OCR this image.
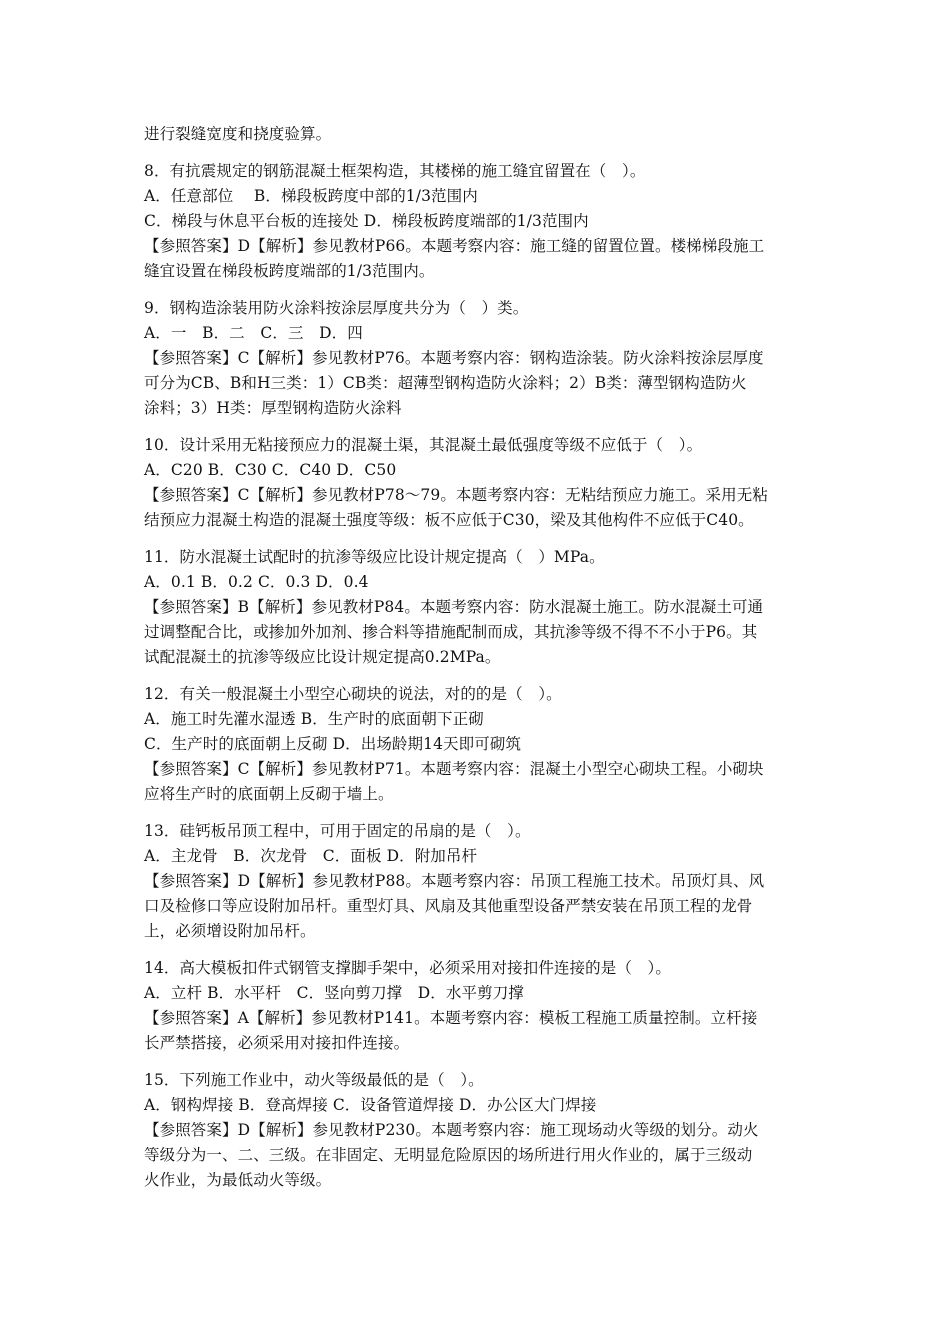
进行裂缝宽度和挠度验算。
8．有抗震规定的钢筋混凝土框架构造，其楼梯的施工缝宜留置在（　）。
A．任意部位　 B．梯段板跨度中部的1/3范围内
C．梯段与休息平台板的连接处 D．梯段板跨度端部的1/3范围内
【参照答案】D【解析】参见教材P66。本题考察内容：施工缝的留置位置。楼梯梯段施工
缝宜设置在梯段板跨度端部的1/3范围内。
9．钢构造涂装用防火涂料按涂层厚度共分为（　）类。
A．一　B．二　C．三　D．四
【参照答案】C【解析】参见教材P76。本题考察内容：钢构造涂装。防火涂料按涂层厚度
可分为CB、B和H三类：1）CB类：超薄型钢构造防火涂料；2）B类：薄型钢构造防火
涂料；3）H类：厚型钢构造防火涂料
10．设计采用无粘接预应力的混凝土渠，其混凝土最低强度等级不应低于（　）。
A．C20 B．C30 C．C40 D．C50
【参照答案】C【解析】参见教材P78～79。本题考察内容：无粘结预应力施工。采用无粘
结预应力混凝土构造的混凝土强度等级：板不应低于C30，梁及其他构件不应低于C40。
11．防水混凝土试配时的抗渗等级应比设计规定提高（　）MPa。
A．0.1 B．0.2 C．0.3 D．0.4
【参照答案】B【解析】参见教材P84。本题考察内容：防水混凝土施工。防水混凝土可通
过调整配合比，或掺加外加剂、掺合料等措施配制而成，其抗渗等级不得不不小于P6。其
试配混凝土的抗渗等级应比设计规定提高0.2MPa。
12．有关一般混凝土小型空心砌块的说法，对的的是（　）。
A．施工时先灌水湿透 B．生产时的底面朝下正砌
C．生产时的底面朝上反砌 D．出场龄期14天即可砌筑
【参照答案】C【解析】参见教材P71。本题考察内容：混凝土小型空心砌块工程。小砌块
应将生产时的底面朝上反砌于墙上。
13．硅钙板吊顶工程中，可用于固定的吊扇的是（　）。
A．主龙骨　B．次龙骨　C．面板 D．附加吊杆
【参照答案】D【解析】参见教材P88。本题考察内容：吊顶工程施工技术。吊顶灯具、风
口及检修口等应设附加吊杆。重型灯具、风扇及其他重型设备严禁安装在吊顶工程的龙骨
上，必须增设附加吊杆。
14．高大模板扣件式钢管支撑脚手架中，必须采用对接扣件连接的是（　）。
A．立杆 B．水平杆　C．竖向剪刀撑　D．水平剪刀撑
【参照答案】A【解析】参见教材P141。本题考察内容：模板工程施工质量控制。立杆接
长严禁搭接，必须采用对接扣件连接。
15．下列施工作业中，动火等级最低的是（　）。
A．钢构焊接 B．登高焊接 C．设备管道焊接 D．办公区大门焊接
【参照答案】D【解析】参见教材P230。本题考察内容：施工现场动火等级的划分。动火
等级分为一、二、三级。在非固定、无明显危险原因的场所进行用火作业的，属于三级动
火作业，为最低动火等级。
